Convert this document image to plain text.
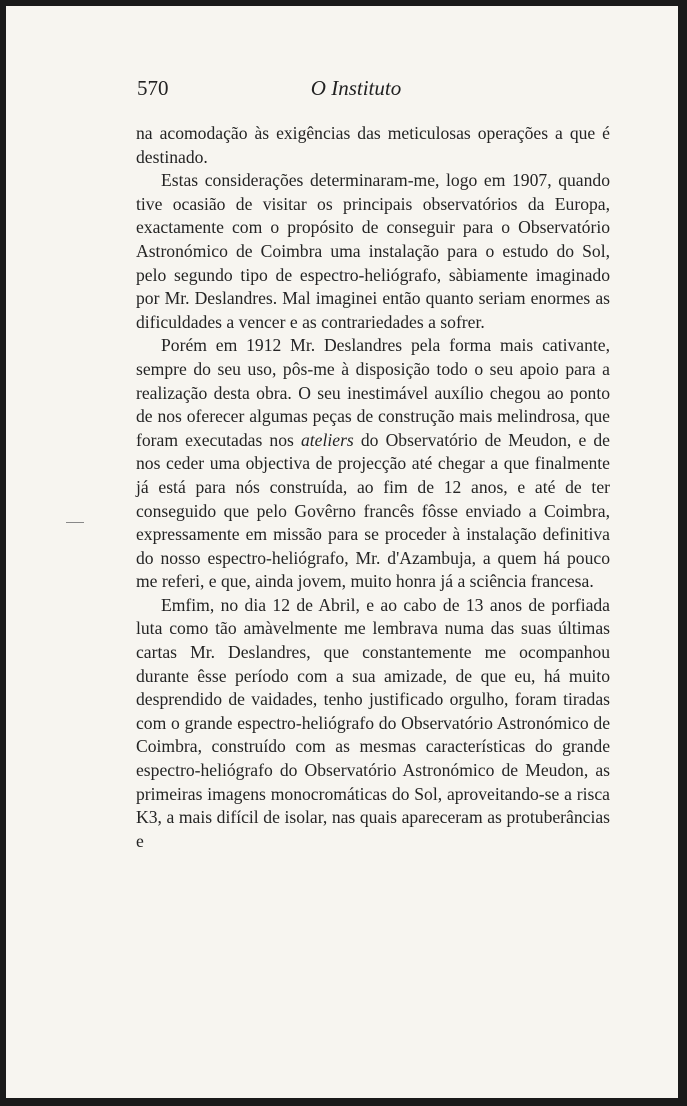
570	O Instituto

na acomodação às exigências das meticulosas operações a que é destinado.

Estas considerações determinaram-me, logo em 1907, quando tive ocasião de visitar os principais observatórios da Europa, exactamente com o propósito de conseguir para o Observatório Astronómico de Coimbra uma instalação para o estudo do Sol, pelo segundo tipo de espectro-heliógrafo, sàbiamente imaginado por Mr. Deslandres. Mal imaginei então quanto seriam enormes as dificuldades a vencer e as contrariedades a sofrer.

Porém em 1912 Mr. Deslandres pela forma mais cativante, sempre do seu uso, pôs-me à disposição todo o seu apoio para a realização desta obra. O seu inestimável auxílio chegou ao ponto de nos oferecer algumas peças de construção mais melindrosa, que foram executadas nos ateliers do Observatório de Meudon, e de nos ceder uma objectiva de projecção até chegar a que finalmente já está para nós construída, ao fim de 12 anos, e até de ter conseguido que pelo Govêrno francês fôsse enviado a Coimbra, expressamente em missão para se proceder à instalação definitiva do nosso espectro-heliógrafo, Mr. d'Azambuja, a quem há pouco me referi, e que, ainda jovem, muito honra já a sciência francesa.

Emfim, no dia 12 de Abril, e ao cabo de 13 anos de porfiada luta como tão amàvelmente me lembrava numa das suas últimas cartas Mr. Deslandres, que constantemente me ocompanhou durante êsse período com a sua amizade, de que eu, há muito desprendido de vaidades, tenho justificado orgulho, foram tiradas com o grande espectro-heliógrafo do Observatório Astronómico de Coimbra, construído com as mesmas características do grande espectro-heliógrafo do Observatório Astronómico de Meudon, as primeiras imagens monocromáticas do Sol, aproveitando-se a risca K3, a mais difícil de isolar, nas quais apareceram as protuberâncias e
